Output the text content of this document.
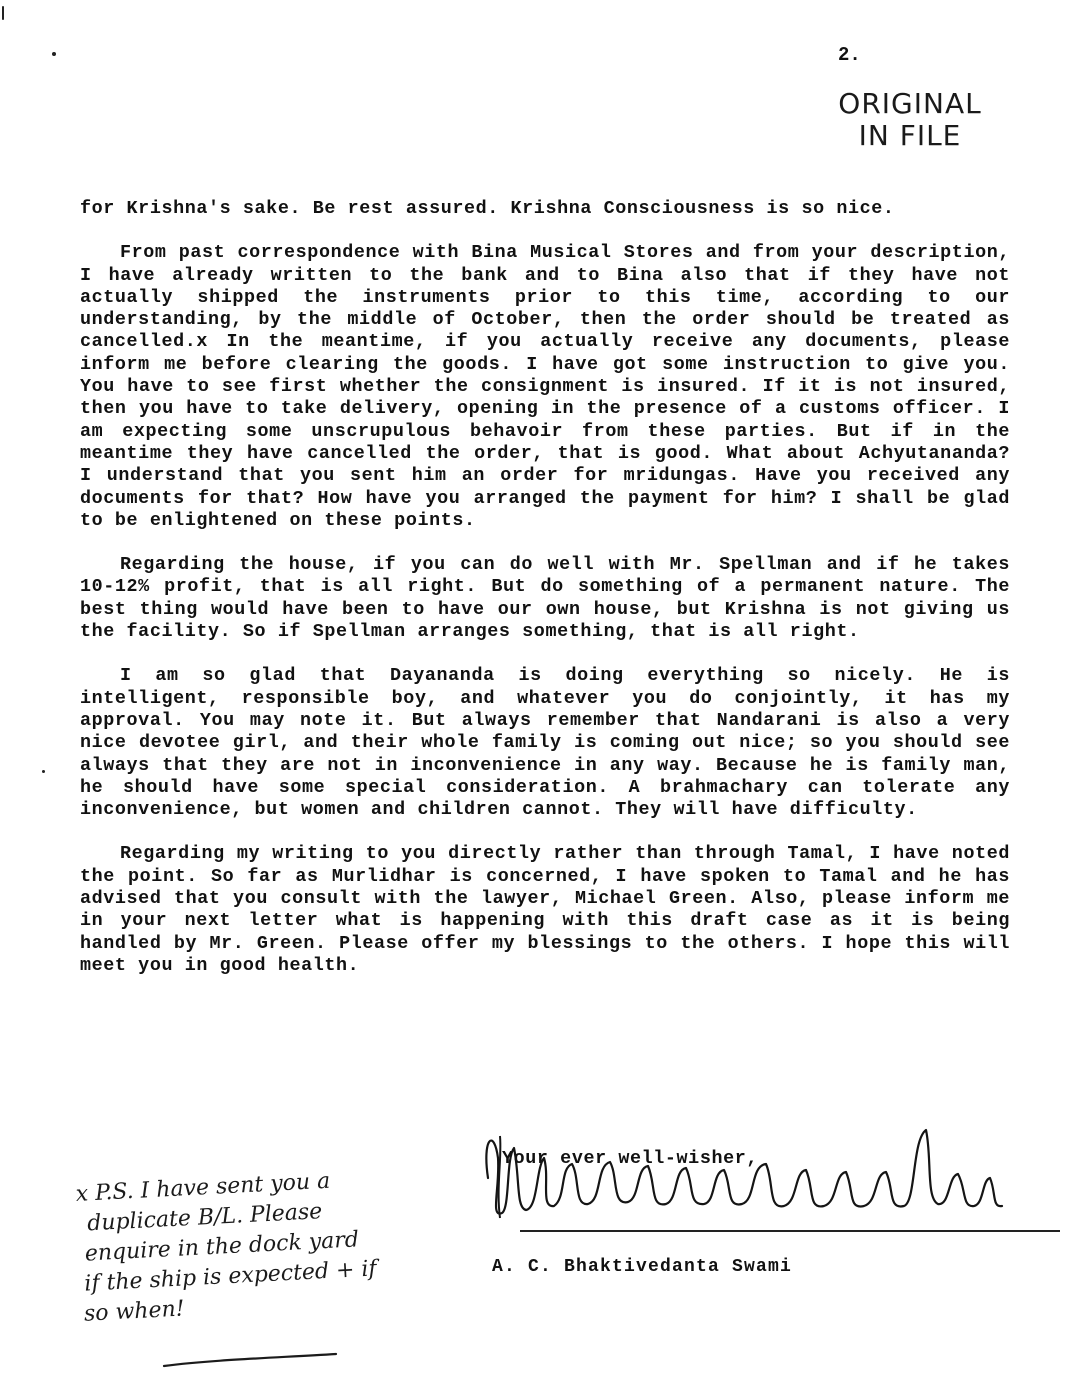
2.
ORIGINAL
IN FILE

for Krishna's sake. Be rest assured. Krishna Consciousness is so nice.

From past correspondence with Bina Musical Stores and from your description, I have already written to the bank and to Bina also that if they have not actually shipped the instruments prior to this time, according to our understanding, by the middle of October, then the order should be treated as cancelled.x In the meantime, if you actually receive any documents, please inform me before clearing the goods. I have got some instruction to give you. You have to see first whether the consignment is insured. If it is not insured, then you have to take delivery, opening in the presence of a customs officer. I am expecting some unscrupulous behavoir from these parties. But if in the meantime they have cancelled the order, that is good. What about Achyutananda? I understand that you sent him an order for mridungas. Have you received any documents for that? How have you arranged the payment for him? I shall be glad to be enlightened on these points.

Regarding the house, if you can do well with Mr. Spellman and if he takes 10-12% profit, that is all right. But do something of a permanent nature. The best thing would have been to have our own house, but Krishna is not giving us the facility. So if Spellman arranges something, that is all right.

I am so glad that Dayananda is doing everything so nicely. He is intelligent, responsible boy, and whatever you do conjointly, it has my approval. You may note it. But always remember that Nandarani is also a very nice devotee girl, and their whole family is coming out nice; so you should see always that they are not in inconvenience in any way. Because he is family man, he should have some special consideration. A brahmachary can tolerate any inconvenience, but women and children cannot. They will have difficulty.

Regarding my writing to you directly rather than through Tamal, I have noted the point. So far as Murlidhar is concerned, I have spoken to Tamal and he has advised that you consult with the lawyer, Michael Green. Also, please inform me in your next letter what is happening with this draft case as it is being handled by Mr. Green. Please offer my blessings to the others. I hope this will meet you in good health.

Your ever well-wisher,
A. C. Bhaktivedanta Swami
x P.S. I have sent you a
duplicate B/L. Please
enquire in the dock yard
if the ship is expected + if
so when!
